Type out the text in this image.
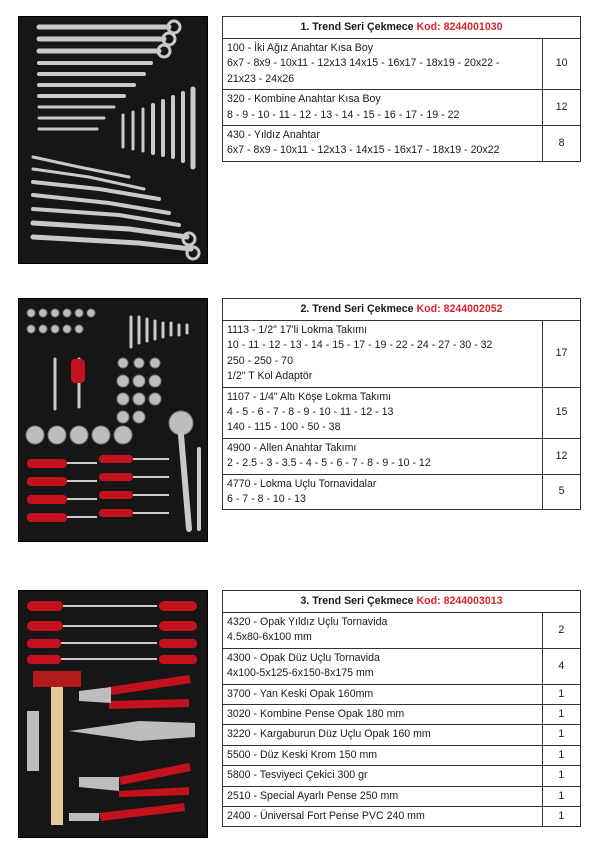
1. Trend Seri Çekmece Kod: 8244001030	

100 - İki Ağız Anahtar Kısa Boy
6x7 - 8x9 - 10x11 - 12x13 14x15 - 16x17 - 18x19 - 20x22 -
21x23 - 24x26	10

320 - Kombine Anahtar Kısa Boy
8 - 9 - 10 - 11 - 12 - 13 - 14 - 15 - 16 - 17 - 19 - 22	12

430 - Yıldız Anahtar
6x7 - 8x9 - 10x11 - 12x13 - 14x15 - 16x17 - 18x19 - 20x22	8
2. Trend Seri Çekmece Kod: 8244002052	

1113 - 1/2" 17'li Lokma Takımı
10 - 11 - 12 - 13 - 14 - 15 - 17 - 19 - 22 - 24 - 27 - 30 - 32
250 - 250 - 70
1/2" T Kol Adaptör	17

1107 - 1/4" Altı Köşe Lokma Takımı
4 - 5 - 6 - 7 - 8 - 9 - 10 - 11 - 12 - 13
140 - 115 - 100 - 50 - 38	15

4900 - Allen Anahtar Takımı
2 - 2.5 - 3 - 3.5 - 4 - 5 - 6 - 7 - 8 - 9 - 10 - 12	12

4770 - Lokma Uçlu Tornavidalar
6 - 7 - 8 - 10 - 13	5
3. Trend Seri Çekmece Kod: 8244003013	

4320 - Opak Yıldız Uçlu Tornavida
4.5x80-6x100 mm	2

4300 - Opak Düz Uçlu Tornavida
4x100-5x125-6x150-8x175 mm	4
3700 - Yan Keski Opak 160mm	1
3020 - Kombine Pense Opak 180 mm	1
3220 - Kargaburun Düz Uçlu Opak 160 mm	1
5500 - Düz Keski Krom 150 mm	1
5800 - Tesviyeci Çekici 300 gr	1
2510 - Special Ayarlı Pense 250 mm	1
2400 - Üniversal Fort Pense PVC 240 mm	1
